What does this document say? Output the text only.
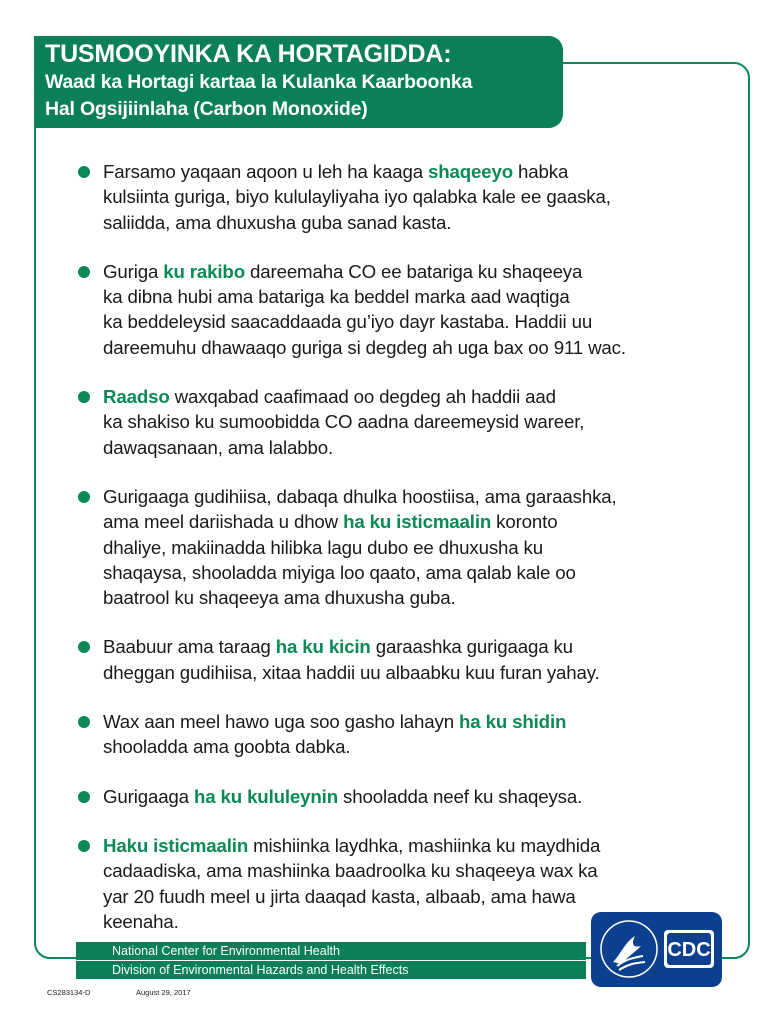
TUSMOOYINKA KA HORTAGIDDA:
Waad ka Hortagi kartaa la Kulanka Kaarboonka
Hal Ogsijiinlaha (Carbon Monoxide)
Farsamo yaqaan aqoon u leh ha kaaga shaqeeyo habka
kulsiinta guriga, biyo kululayliyaha iyo qalabka kale ee gaaska,
saliidda, ama dhuxusha guba sanad kasta.
Guriga ku rakibo dareemaha CO ee batariga ku shaqeeya
ka dibna hubi ama batariga ka beddel marka aad waqtiga
ka beddeleysid saacaddaada gu’iyo dayr kastaba. Haddii uu
dareemuhu dhawaaqo guriga si degdeg ah uga bax oo 911 wac.
Raadso waxqabad caafimaad oo degdeg ah haddii aad
ka shakiso ku sumoobidda CO aadna dareemeysid wareer,
dawaqsanaan, ama lalabbo.
Gurigaaga gudihiisa, dabaqa dhulka hoostiisa, ama garaashka,
ama meel dariishada u dhow ha ku isticmaalin koronto
dhaliye, makiinadda hilibka lagu dubo ee dhuxusha ku
shaqaysa, shooladda miyiga loo qaato, ama qalab kale oo
baatrool ku shaqeeya ama dhuxusha guba.
Baabuur ama taraag ha ku kicin garaashka gurigaaga ku
dheggan gudihiisa, xitaa haddii uu albaabku kuu furan yahay.
Wax aan meel hawo uga soo gasho lahayn ha ku shidin
shooladda ama goobta dabka.
Gurigaaga ha ku kululeynin shooladda neef ku shaqeysa.
Haku isticmaalin mishiinka laydhka, mashiinka ku maydhida
cadaadiska, ama mashiinka baadroolka ku shaqeeya wax ka
yar 20 fuudh meel u jirta daaqad kasta, albaab, ama hawa
keenaha.
National Center for Environmental Health
Division of Environmental Hazards and Health Effects
CS283134-D	August 29, 2017
CDC
